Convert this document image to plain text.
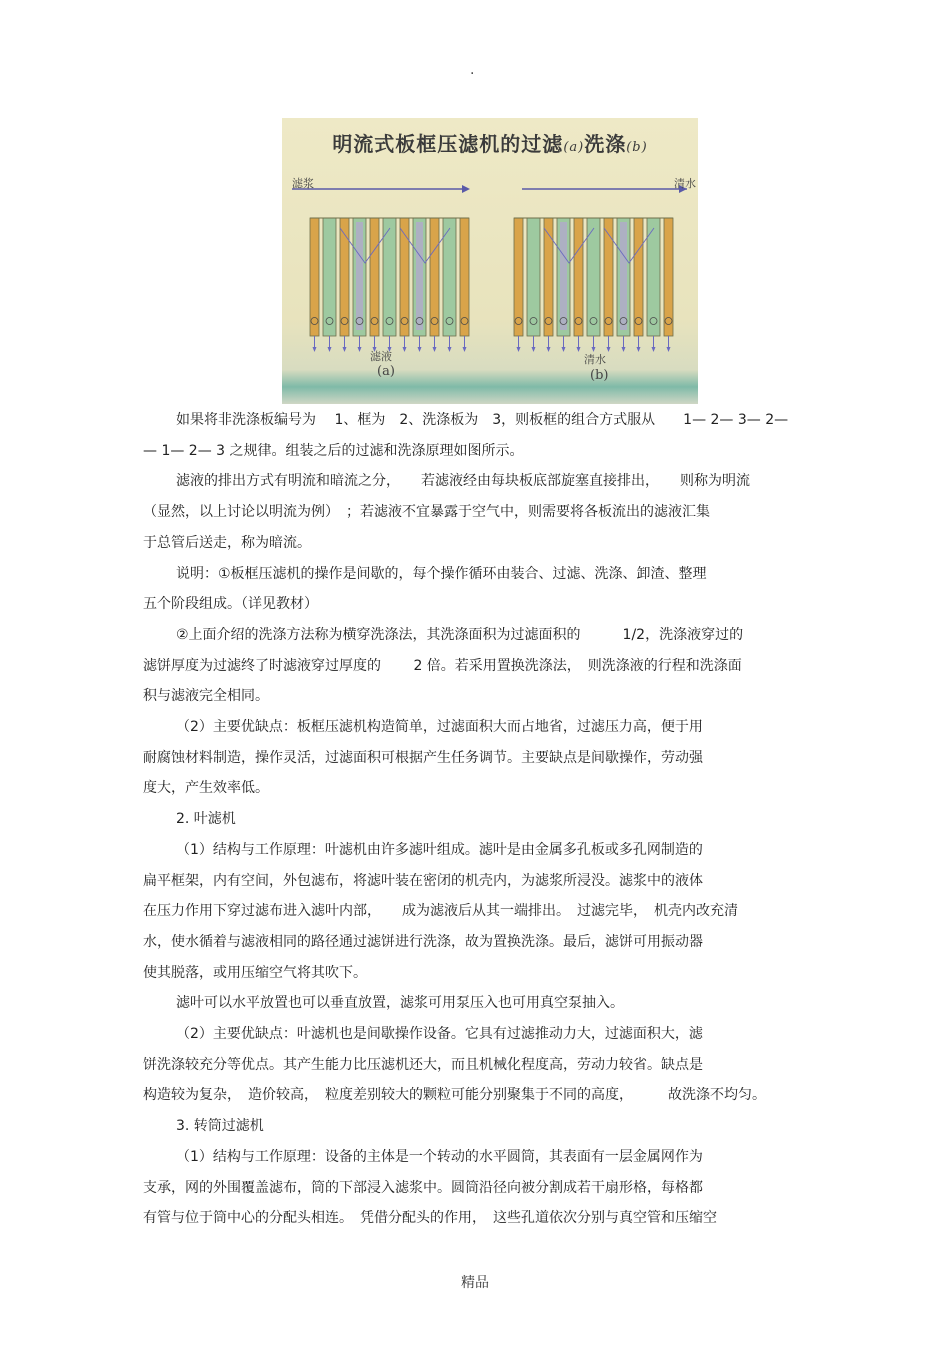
.
明流式板框压滤机的过滤(a)洗涤(b)
滤浆	清水
滤液
(a)
清水
(b)
如果将非洗涤板编号为　 1、框为　2、洗涤板为　3，则板框的组合方式服从　　1— 2— 3— 2—
— 1— 2— 3 之规律。组装之后的过滤和洗涤原理如图所示。
滤液的排出方式有明流和暗流之分，　　若滤液经由每块板底部旋塞直接排出，　　则称为明流
（显然，以上讨论以明流为例）　；若滤液不宜暴露于空气中，则需要将各板流出的滤液汇集
于总管后送走，称为暗流。
说明：①板框压滤机的操作是间歇的，每个操作循环由装合、过滤、洗涤、卸渣、整理
五个阶段组成。（详见教材）
②上面介绍的洗涤方法称为横穿洗涤法，其洗涤面积为过滤面积的　　　1/2，洗涤液穿过的
滤饼厚度为过滤终了时滤液穿过厚度的　　 2 倍。若采用置换洗涤法，　则洗涤液的行程和洗涤面
积与滤液完全相同。
（2）主要优缺点：板框压滤机构造简单，过滤面积大而占地省，过滤压力高，便于用
耐腐蚀材料制造，操作灵活，过滤面积可根据产生任务调节。主要缺点是间歇操作，劳动强
度大，产生效率低。
2. 叶滤机
（1）结构与工作原理：叶滤机由许多滤叶组成。滤叶是由金属多孔板或多孔网制造的
扁平框架，内有空间，外包滤布，将滤叶装在密闭的机壳内，为滤浆所浸没。滤浆中的液体
在压力作用下穿过滤布进入滤叶内部，　　成为滤液后从其一端排出。　过滤完毕，　机壳内改充清
水，使水循着与滤液相同的路径通过滤饼进行洗涤，故为置换洗涤。最后，滤饼可用振动器
使其脱落，或用压缩空气将其吹下。
滤叶可以水平放置也可以垂直放置，滤浆可用泵压入也可用真空泵抽入。
（2）主要优缺点：叶滤机也是间歇操作设备。它具有过滤推动力大，过滤面积大，滤
饼洗涤较充分等优点。其产生能力比压滤机还大，而且机械化程度高，劳动力较省。缺点是
构造较为复杂，　造价较高，　粒度差别较大的颗粒可能分别聚集于不同的高度，　　　故洗涤不均匀。
3. 转筒过滤机
（1）结构与工作原理：设备的主体是一个转动的水平圆筒，其表面有一层金属网作为
支承，网的外围覆盖滤布，筒的下部浸入滤浆中。圆筒沿径向被分割成若干扇形格，每格都
有管与位于筒中心的分配头相连。　凭借分配头的作用，　这些孔道依次分别与真空管和压缩空
精品
